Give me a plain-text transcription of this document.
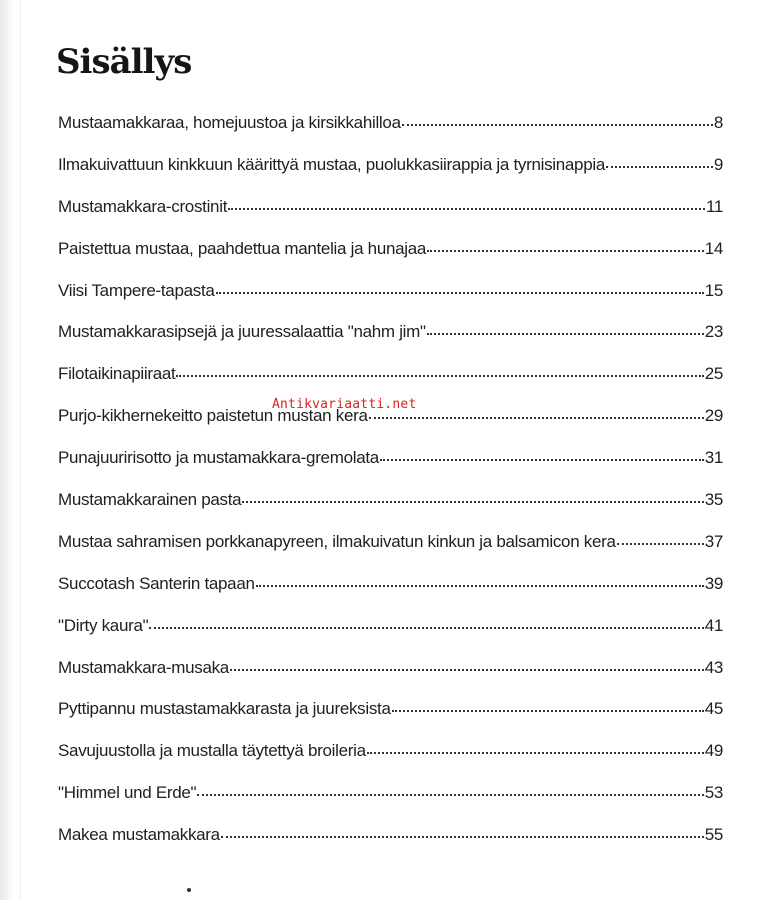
Sisällys
Mustaamakkaraa, homejuustoa ja kirsikkahilloa	8
Ilmakuivattuun kinkkuun käärittyä mustaa, puolukkasiirappia ja tyrnisinappia	9
Mustamakkara-crostinit	11
Paistettua mustaa, paahdettua mantelia ja hunajaa	14
Viisi Tampere-tapasta	15
Mustamakkarasipsejä ja juuressalaattia "nahm jim"	23
Filotaikinapiiraat	25
Purjo-kikhernekeitto paistetun mustan kera	29
Punajuuririsotto ja mustamakkara-gremolata	31
Mustamakkarainen pasta	35
Mustaa sahramisen porkkanapyreen, ilmakuivatun kinkun ja balsamicon kera	37
Succotash Santerin tapaan	39
"Dirty kaura"	41
Mustamakkara-musaka	43
Pyttipannu mustastamakkarasta ja juureksista	45
Savujuustolla ja mustalla täytettyä broileria	49
"Himmel und Erde"	53
Makea mustamakkara	55
Antikvariaatti.net
